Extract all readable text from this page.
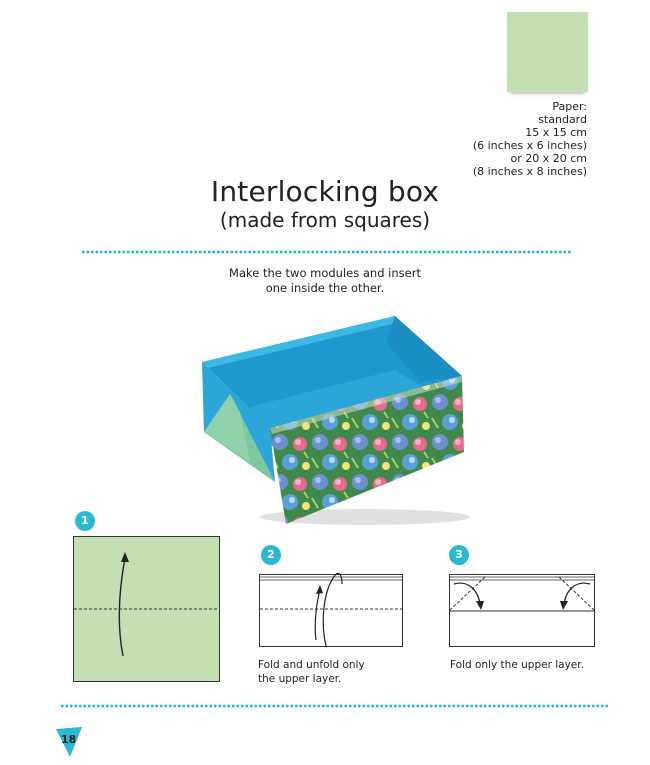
Paper:
standard
15 x 15 cm
(6 inches x 6 inches)
or 20 x 20 cm
(8 inches x 8 inches)
Interlocking box
(made from squares)
Make the two modules and insert
one inside the other.
1
2
Fold and unfold only
the upper layer.
3
Fold only the upper layer.
18
